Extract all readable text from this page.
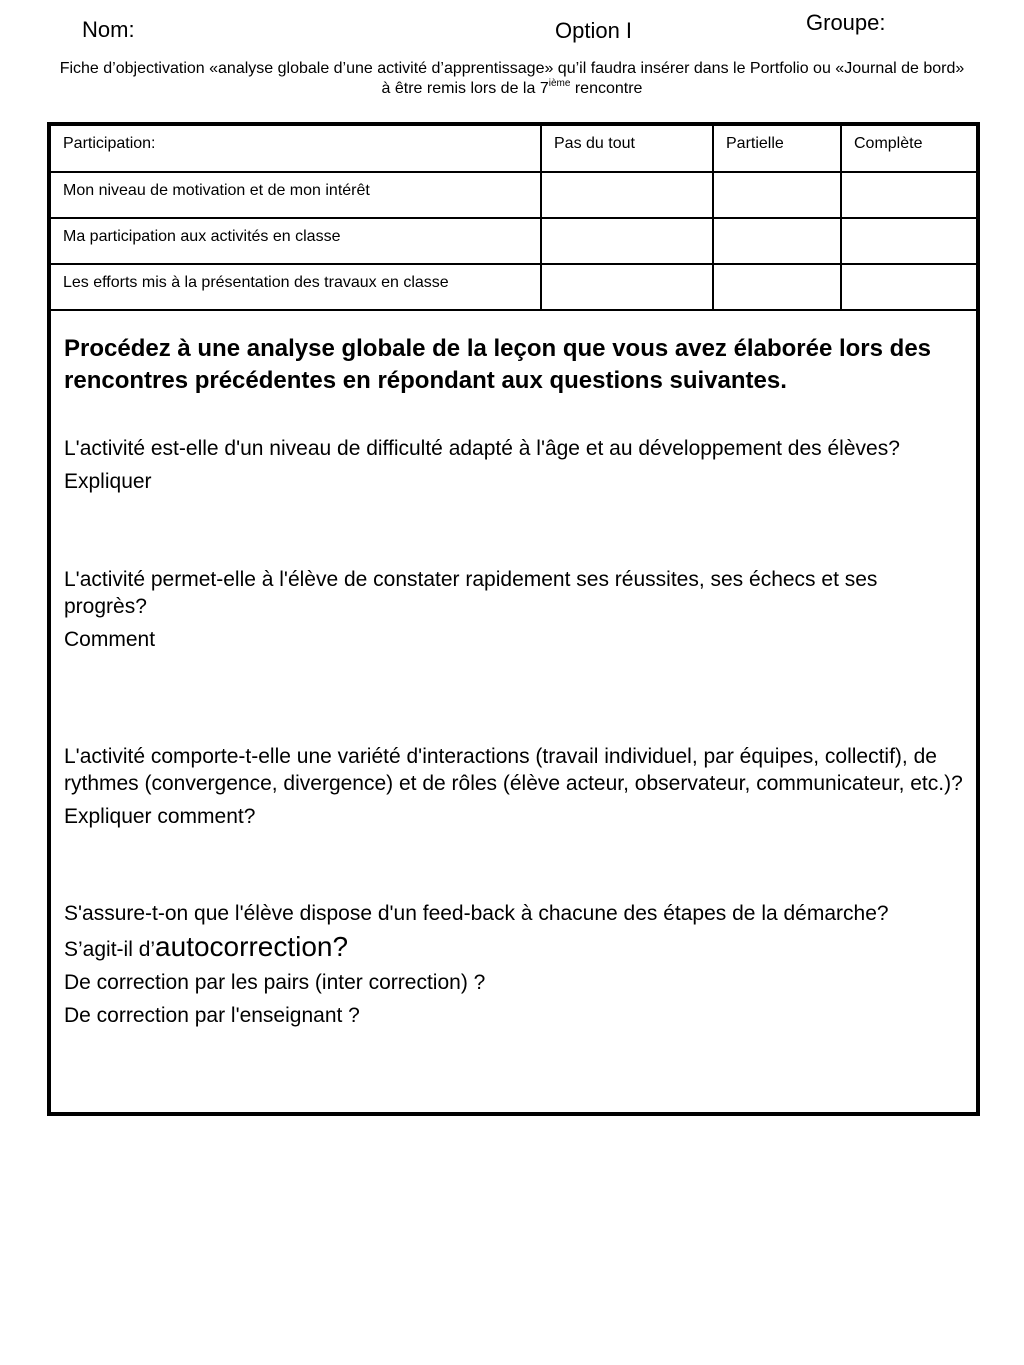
Nom:	Option I	Groupe:
Fiche d’objectivation «analyse globale d’une activité d’apprentissage» qu’il faudra insérer dans le Portfolio ou «Journal de bord» à être remis lors de la 7ième rencontre
Participation:	Pas du tout	Partielle	Complète
Mon niveau de motivation et de mon intérêt			
Ma participation aux activités en classe			
Les efforts mis à la présentation des travaux en classe			

Procédez à une analyse globale de la leçon que vous avez élaborée lors des rencontres précédentes en répondant aux questions suivantes.

L'activité est-elle d'un niveau de difficulté adapté à l'âge et au développement des élèves?

Expliquer

L'activité permet-elle à l'élève de constater rapidement ses réussites, ses échecs et ses progrès?

Comment

L'activité comporte-t-elle une variété d'interactions (travail individuel, par équipes, collectif), de rythmes (convergence, divergence) et de rôles (élève acteur, observateur, communicateur, etc.)?

Expliquer comment?

S'assure-t-on que l'élève dispose d'un feed-back à chacune des étapes de la démarche?

S’agit-il d’autocorrection?

De correction par les pairs (inter correction) ?

De correction par l'enseignant ?
